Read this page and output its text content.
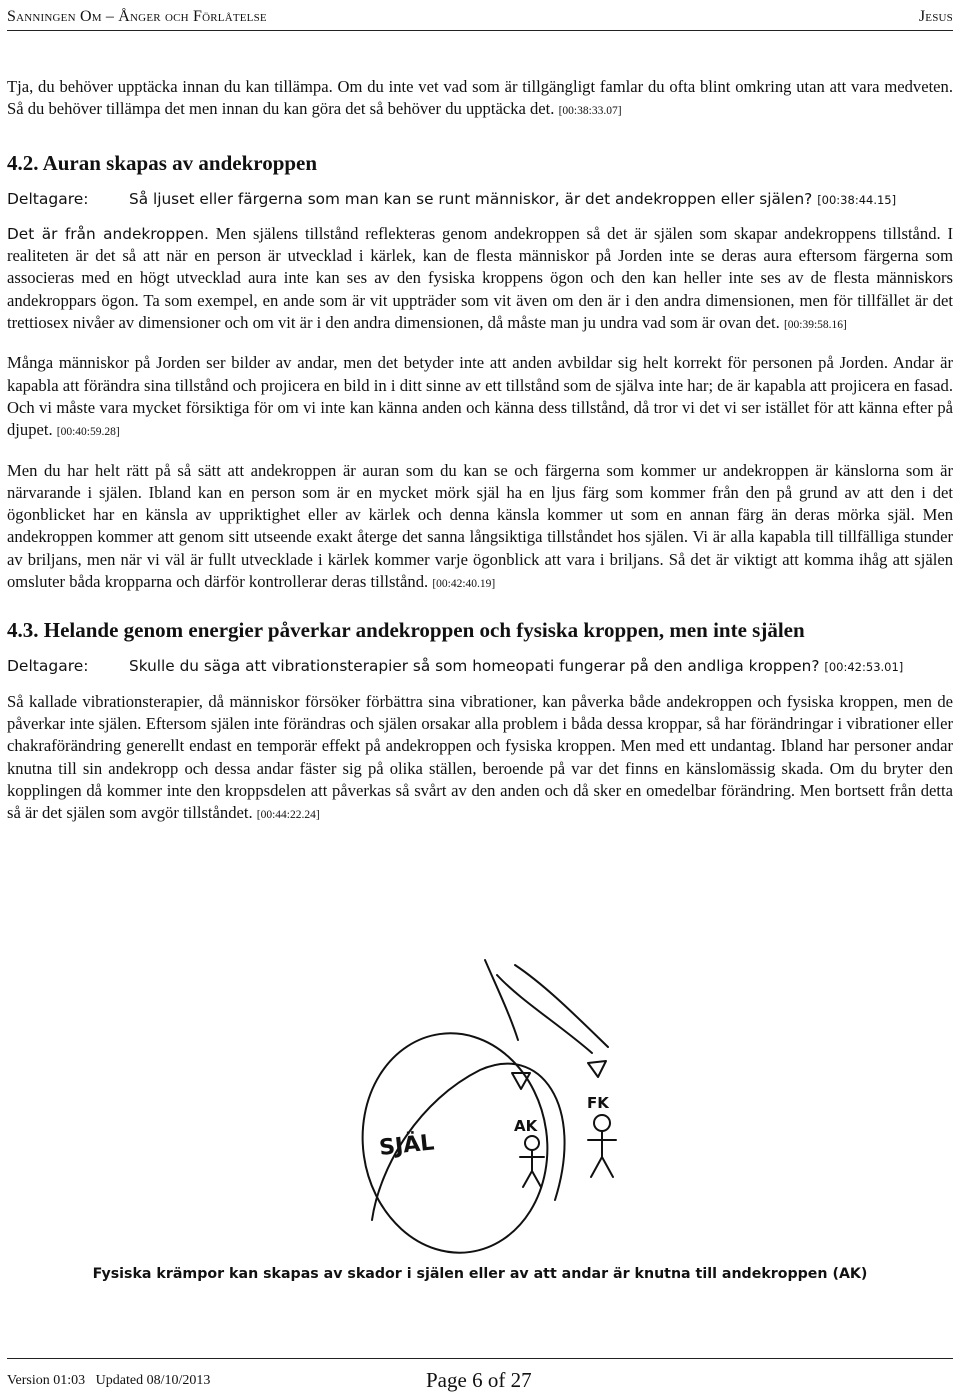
Sanningen Om – Ånger och Förlåtelse	Jesus

Tja, du behöver upptäcka innan du kan tillämpa. Om du inte vet vad som är tillgängligt famlar du ofta blint omkring utan att vara medveten. Så du behöver tillämpa det men innan du kan göra det så behöver du upptäcka det. [00:38:33.07]

4.2. Auran skapas av andekroppen
Deltagare:	Så ljuset eller färgerna som man kan se runt människor, är det andekroppen eller själen? [00:38:44.15]

Det är från andekroppen. Men själens tillstånd reflekteras genom andekroppen så det är själen som skapar andekroppens tillstånd. I realiteten är det så att när en person är utvecklad i kärlek, kan de flesta människor på Jorden inte se deras aura eftersom färgerna som associeras med en högt utvecklad aura inte kan ses av den fysiska kroppens ögon och den kan heller inte ses av de flesta människors andekroppars ögon. Ta som exempel, en ande som är vit uppträder som vit även om den är i den andra dimensionen, men för tillfället är det trettiosex nivåer av dimensioner och om vit är i den andra dimensionen, då måste man ju undra vad som är ovan det. [00:39:58.16]

Många människor på Jorden ser bilder av andar, men det betyder inte att anden avbildar sig helt korrekt för personen på Jorden. Andar är kapabla att förändra sina tillstånd och projicera en bild in i ditt sinne av ett tillstånd som de själva inte har; de är kapabla att projicera en fasad. Och vi måste vara mycket försiktiga för om vi inte kan känna anden och känna dess tillstånd, då tror vi det vi ser istället för att känna efter på djupet. [00:40:59.28]

Men du har helt rätt på så sätt att andekroppen är auran som du kan se och färgerna som kommer ur andekroppen är känslorna som är närvarande i själen. Ibland kan en person som är en mycket mörk själ ha en ljus färg som kommer från den på grund av att den i det ögonblicket har en känsla av uppriktighet eller av kärlek och denna känsla kommer ut som en annan färg än deras mörka själ. Men andekroppen kommer att genom sitt utseende exakt återge det sanna långsiktiga tillståndet hos själen. Vi är alla kapabla till tillfälliga stunder av briljans, men när vi väl är fullt utvecklade i kärlek kommer varje ögonblick att vara i briljans. Så det är viktigt att komma ihåg att själen omsluter båda kropparna och därför kontrollerar deras tillstånd. [00:42:40.19]

4.3. Helande genom energier påverkar andekroppen och fysiska kroppen, men inte själen
Deltagare:	Skulle du säga att vibrationsterapier så som homeopati fungerar på den andliga kroppen? [00:42:53.01]

Så kallade vibrationsterapier, då människor försöker förbättra sina vibrationer, kan påverka både andekroppen och fysiska kroppen, men de påverkar inte själen. Eftersom själen inte förändras och själen orsakar alla problem i båda dessa kroppar, så har förändringar i vibrationer eller chakraförändring generellt endast en temporär effekt på andekroppen och fysiska kroppen. Men med ett undantag. Ibland har personer andar knutna till sin andekropp och dessa andar fäster sig på olika ställen, beroende på var det finns en känslomässig skada. Om du bryter den kopplingen då kommer inte den kroppsdelen att påverkas så svårt av den anden och då sker en omedelbar förändring. Men bortsett från detta så är det själen som avgör tillståndet. [00:44:22.24]

SJÄL
AK
FK
Fysiska krämpor kan skapas av skador i själen eller av att andar är knutna till andekroppen (AK)
Version 01:03   Updated 08/10/2013	Page 6 of 27
